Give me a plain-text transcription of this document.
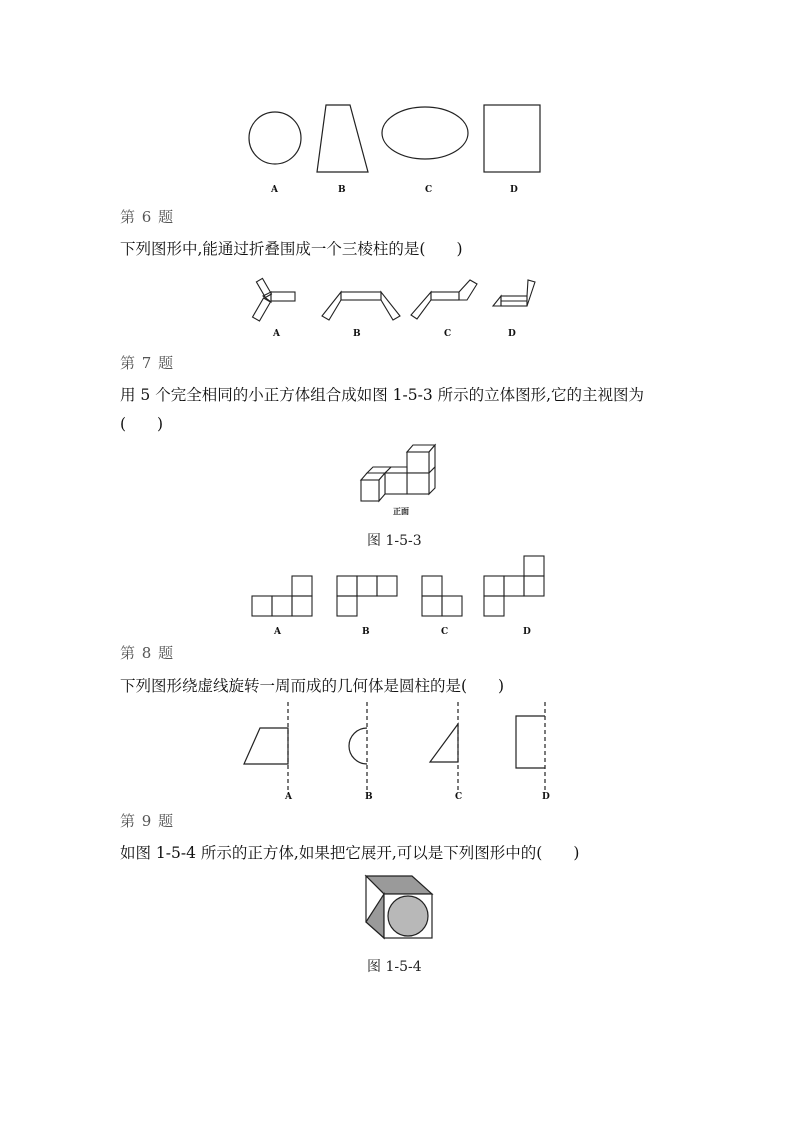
A	B	C	D
第 6 题
下列图形中,能通过折叠围成一个三棱柱的是(　　)
A	B	C	D
第 7 题
用 5 个完全相同的小正方体组合成如图 1-5-3 所示的立体图形,它的主视图为
(　　)
正面
图 1-5-3
A	B	C	D
第 8 题
下列图形绕虚线旋转一周而成的几何体是圆柱的是(　　)
A	B	C	D
第 9 题
如图 1-5-4 所示的正方体,如果把它展开,可以是下列图形中的(　　)
图 1-5-4
